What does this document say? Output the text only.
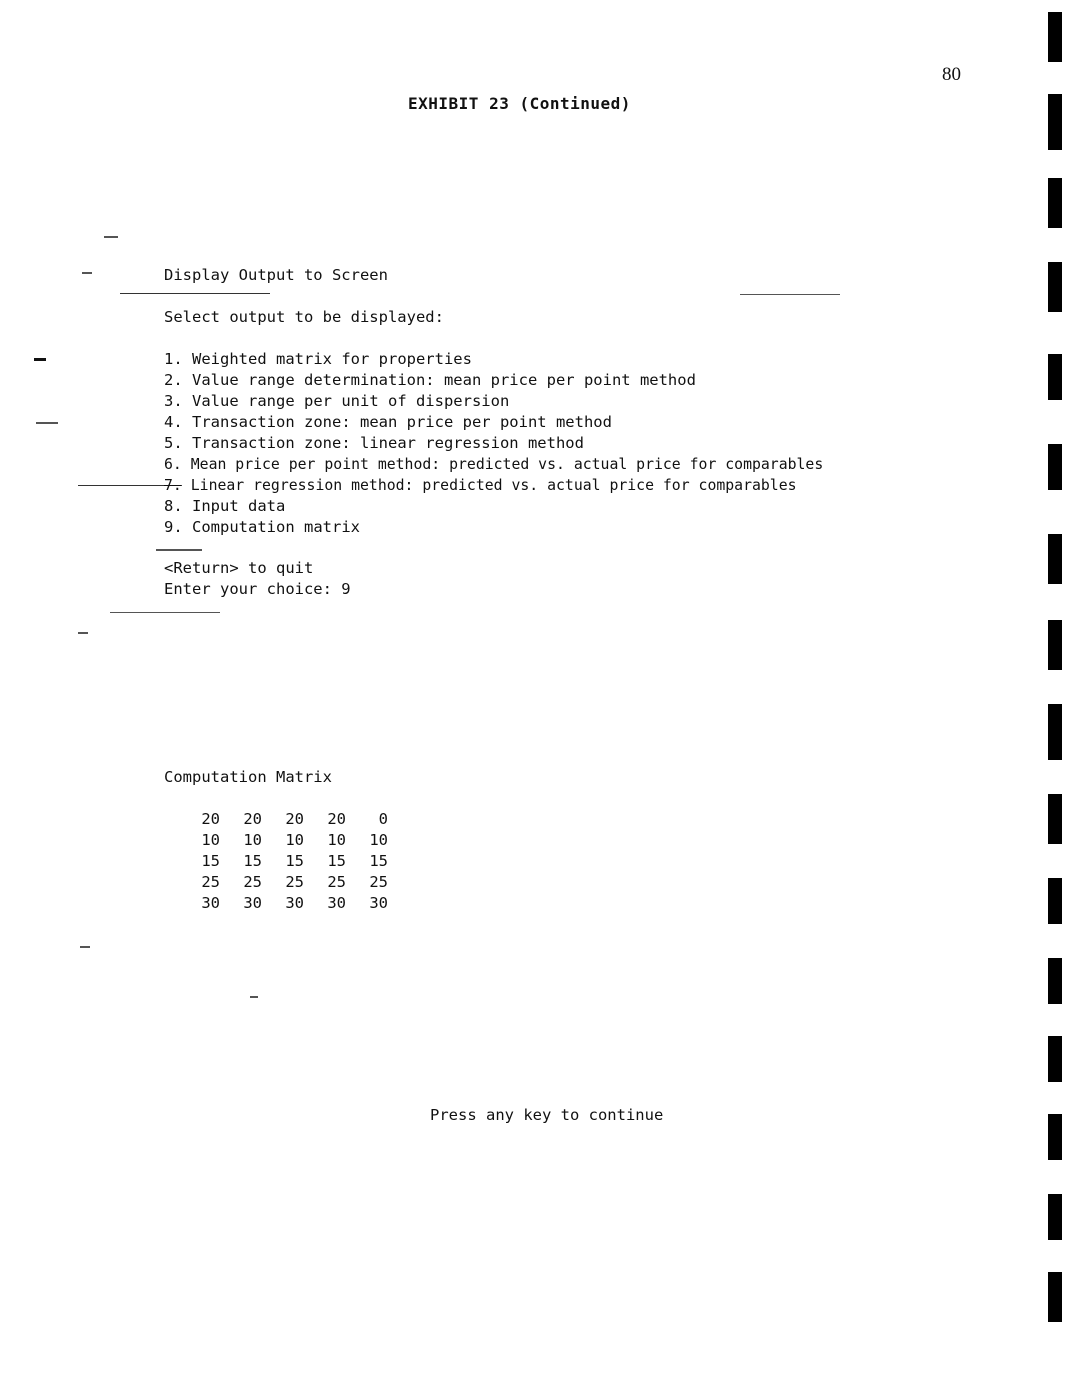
80
EXHIBIT 23 (Continued)
Display Output to Screen
Select output to be displayed:
1. Weighted matrix for properties
2. Value range determination: mean price per point method
3. Value range per unit of dispersion
4. Transaction zone: mean price per point method
5. Transaction zone: linear regression method
6. Mean price per point method: predicted vs. actual price for comparables
7. Linear regression method: predicted vs. actual price for comparables
8. Input data
9. Computation matrix
<Return> to quit
Enter your choice: 9
Computation Matrix
20	20	20	20	0
10	10	10	10	10
15	15	15	15	15
25	25	25	25	25
30	30	30	30	30
Press any key to continue
